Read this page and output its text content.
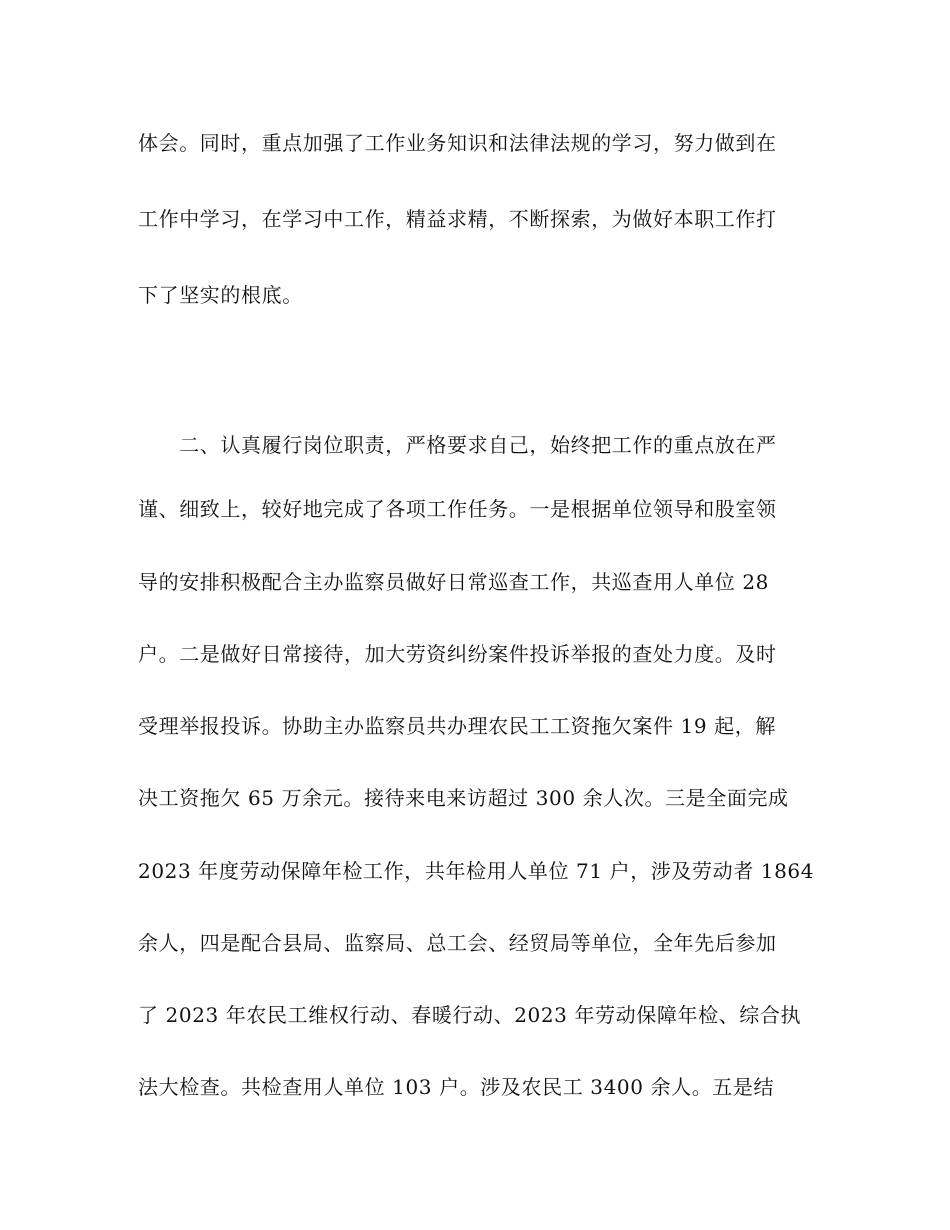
体会。同时，重点加强了工作业务知识和法律法规的学习，努力做到在
工作中学习，在学习中工作，精益求精，不断探索，为做好本职工作打
下了坚实的根底。
　　二、认真履行岗位职责，严格要求自己，始终把工作的重点放在严
谨、细致上，较好地完成了各项工作任务。一是根据单位领导和股室领
导的安排积极配合主办监察员做好日常巡查工作，共巡查用人单位 28
户。二是做好日常接待，加大劳资纠纷案件投诉举报的查处力度。及时
受理举报投诉。协助主办监察员共办理农民工工资拖欠案件 19 起，解
决工资拖欠 65 万余元。接待来电来访超过 300 余人次。三是全面完成
2023 年度劳动保障年检工作，共年检用人单位 71 户，涉及劳动者 1864
余人，四是配合县局、监察局、总工会、经贸局等单位，全年先后参加
了 2023 年农民工维权行动、春暖行动、2023 年劳动保障年检、综合执
法大检查。共检查用人单位 103 户。涉及农民工 3400 余人。五是结
